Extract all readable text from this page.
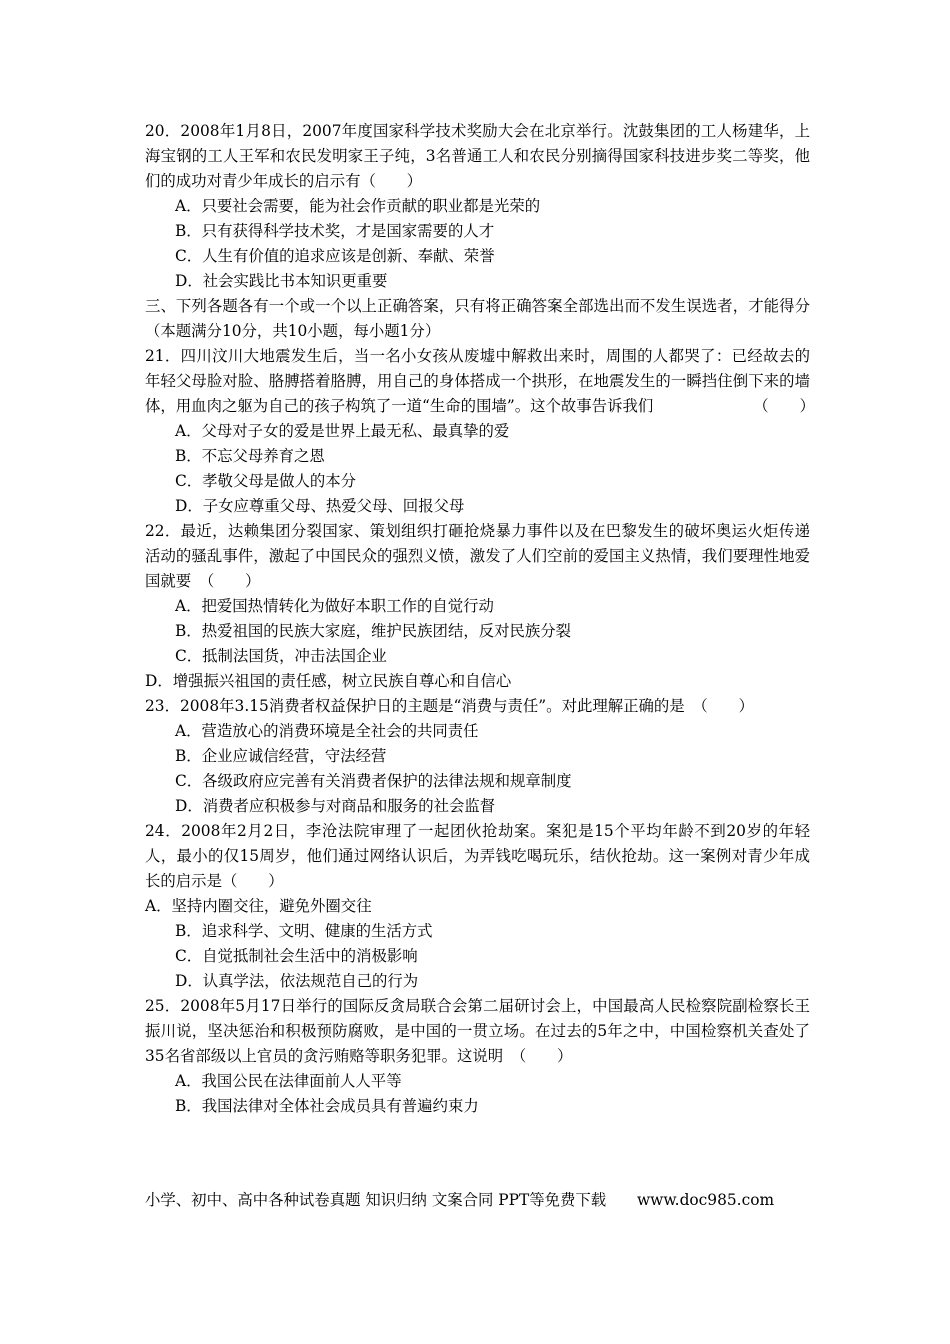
20．2008年1月8日，2007年度国家科学技术奖励大会在北京举行。沈鼓集团的工人杨建华，上海宝钢的工人王军和农民发明家王子纯，3名普通工人和农民分别摘得国家科技进步奖二等奖，他们的成功对青少年成长的启示有（　　）

A．只要社会需要，能为社会作贡献的职业都是光荣的

B．只有获得科学技术奖，才是国家需要的人才

C．人生有价值的追求应该是创新、奉献、荣誉

D．社会实践比书本知识更重要

三、下列各题各有一个或一个以上正确答案，只有将正确答案全部选出而不发生误选者，才能得分（本题满分10分，共10小题，每小题1分）

21．四川汶川大地震发生后，当一名小女孩从废墟中解救出来时，周围的人都哭了：已经故去的年轻父母脸对脸、胳膊搭着胳膊，用自己的身体搭成一个拱形，在地震发生的一瞬挡住倒下来的墙体，用血肉之躯为自己的孩子构筑了一道“生命的围墙”。这个故事告诉我们　　　　　　　（　　）

A．父母对子女的爱是世界上最无私、最真挚的爱

B．不忘父母养育之恩

C．孝敬父母是做人的本分

D．子女应尊重父母、热爱父母、回报父母

22．最近，达赖集团分裂国家、策划组织打砸抢烧暴力事件以及在巴黎发生的破坏奥运火炬传递活动的骚乱事件，激起了中国民众的强烈义愤，激发了人们空前的爱国主义热情，我们要理性地爱国就要　（　　）

A．把爱国热情转化为做好本职工作的自觉行动

B．热爱祖国的民族大家庭，维护民族团结，反对民族分裂

C．抵制法国货，冲击法国企业

D．增强振兴祖国的责任感，树立民族自尊心和自信心

23．2008年3.15消费者权益保护日的主题是“消费与责任”。对此理解正确的是　（　　）

A．营造放心的消费环境是全社会的共同责任

B．企业应诚信经营，守法经营

C．各级政府应完善有关消费者保护的法律法规和规章制度

D．消费者应积极参与对商品和服务的社会监督

24．2008年2月2日，李沧法院审理了一起团伙抢劫案。案犯是15个平均年龄不到20岁的年轻人，最小的仅15周岁，他们通过网络认识后，为弄钱吃喝玩乐，结伙抢劫。这一案例对青少年成长的启示是（　　）

A．坚持内圈交往，避免外圈交往

B．追求科学、文明、健康的生活方式

C．自觉抵制社会生活中的消极影响

D．认真学法，依法规范自己的行为

25．2008年5月17日举行的国际反贪局联合会第二届研讨会上，中国最高人民检察院副检察长王振川说，坚决惩治和积极预防腐败，是中国的一贯立场。在过去的5年之中，中国检察机关查处了35名省部级以上官员的贪污贿赂等职务犯罪。这说明　（　　）

A．我国公民在法律面前人人平等

B．我国法律对全体社会成员具有普遍约束力

小学、初中、高中各种试卷真题 知识归纳 文案合同 PPT等免费下载　　www.doc985.com
